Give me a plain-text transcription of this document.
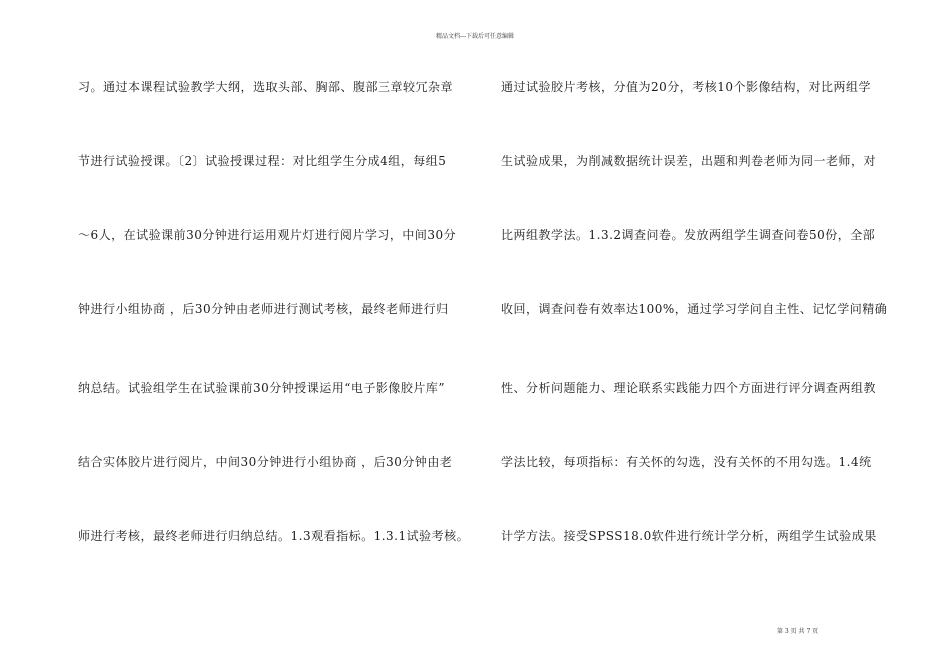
精品文档---下载后可任意编辑
习。通过本课程试验教学大纲，选取头部、胸部、腹部三章较冗杂章
节进行试验授课。〔2〕试验授课过程：对比组学生分成4组，每组5
～6人，在试验课前30分钟进行运用观片灯进行阅片学习，中间30分
钟进行小组协商 ，后30分钟由老师进行测试考核，最终老师进行归
纳总结。试验组学生在试验课前30分钟授课运用“电子影像胶片库”
结合实体胶片进行阅片，中间30分钟进行小组协商 ，后30分钟由老
师进行考核，最终老师进行归纳总结。1.3观看指标。1.3.1试验考核。
通过试验胶片考核，分值为20分，考核10个影像结构，对比两组学
生试验成果，为削减数据统计误差，出题和判卷老师为同一老师，对
比两组教学法。1.3.2调查问卷。发放两组学生调查问卷50份，全部
收回，调查问卷有效率达100%，通过学习学问自主性、记忆学问精确
性、分析问题能力、理论联系实践能力四个方面进行评分调查两组教
学法比较，每项指标：有关怀的勾选，没有关怀的不用勾选。1.4统
计学方法。接受SPSS18.0软件进行统计学分析，两组学生试验成果
第 3 页 共 7 页
